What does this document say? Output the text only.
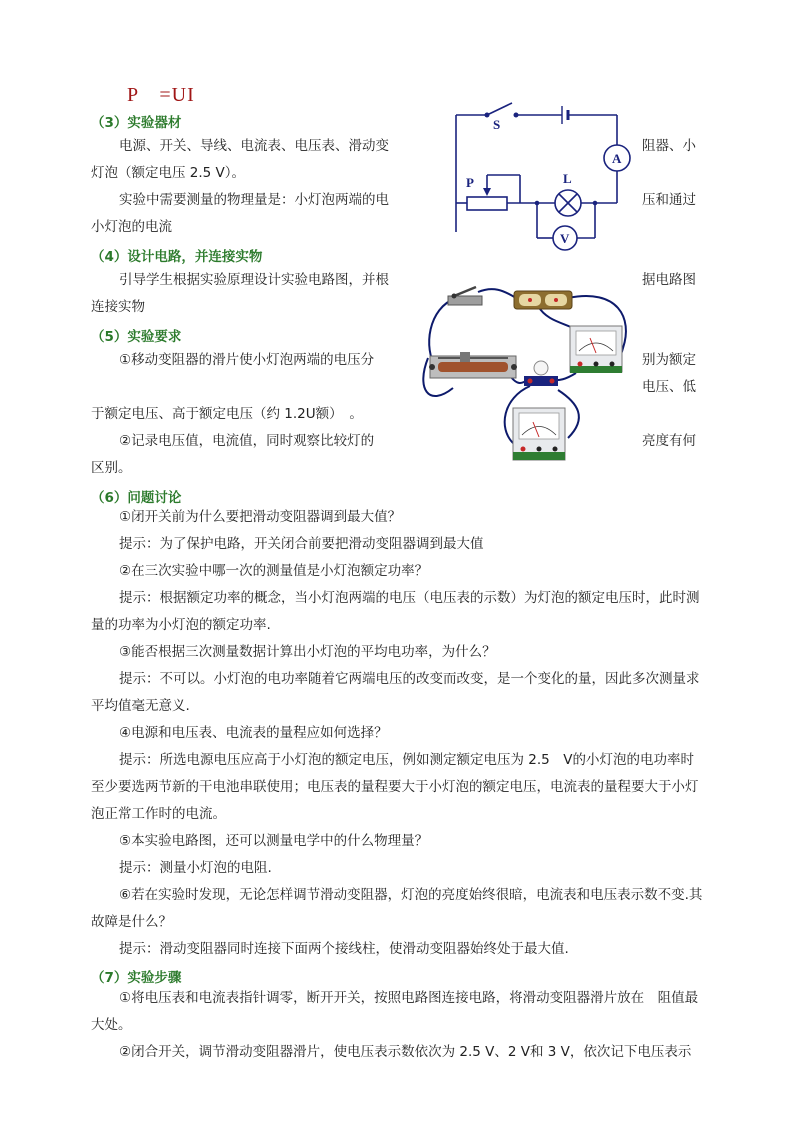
P　=UI
（3）实验器材
电源、开关、导线、电流表、电压表、滑动变	阻器、小
灯泡（额定电压 2.5 V）。
实验中需要测量的物理量是：小灯泡两端的电	压和通过
小灯泡的电流
（4）设计电路，并连接实物
引导学生根据实验原理设计实验电路图，并根	据电路图
连接实物
（5）实验要求
①移动变阻器的滑片使小灯泡两端的电压分	别为额定
电压、低
于额定电压、高于额定电压（约 1.2U额）　。
②记录电压值，电流值，同时观察比较灯的	亮度有何
区别。
（6）问题讨论
①闭开关前为什么要把滑动变阻器调到最大值？
提示：为了保护电路，开关闭合前要把滑动变阻器调到最大值
②在三次实验中哪一次的测量值是小灯泡额定功率？
提示：根据额定功率的概念，当小灯泡两端的电压（电压表的示数）为灯泡的额定电压时，此时测量的功率为小灯泡的额定功率.
③能否根据三次测量数据计算出小灯泡的平均电功率，为什么？
提示：不可以。小灯泡的电功率随着它两端电压的改变而改变，是一个变化的量，因此多次测量求平均值毫无意义.
④电源和电压表、电流表的量程应如何选择？
提示：所选电源电压应高于小灯泡的额定电压，例如测定额定电压为 2.5　V的小灯泡的电功率时至少要选两节新的干电池串联使用；电压表的量程要大于小灯泡的额定电压，电流表的量程要大于小灯泡正常工作时的电流。
⑤本实验电路图，还可以测量电学中的什么物理量？
提示：测量小灯泡的电阻.
⑥若在实验时发现，无论怎样调节滑动变阻器，灯泡的亮度始终很暗，电流表和电压表示数不变.其故障是什么？
提示：滑动变阻器同时连接下面两个接线柱，使滑动变阻器始终处于最大值.
（7）实验步骤
①将电压表和电流表指针调零，断开开关，按照电路图连接电路，将滑动变阻器滑片放在　阻值最大处。
②闭合开关，调节滑动变阻器滑片，使电压表示数依次为 2.5 V、2 V和 3 V，依次记下电压表示
S
A
L
P
V
